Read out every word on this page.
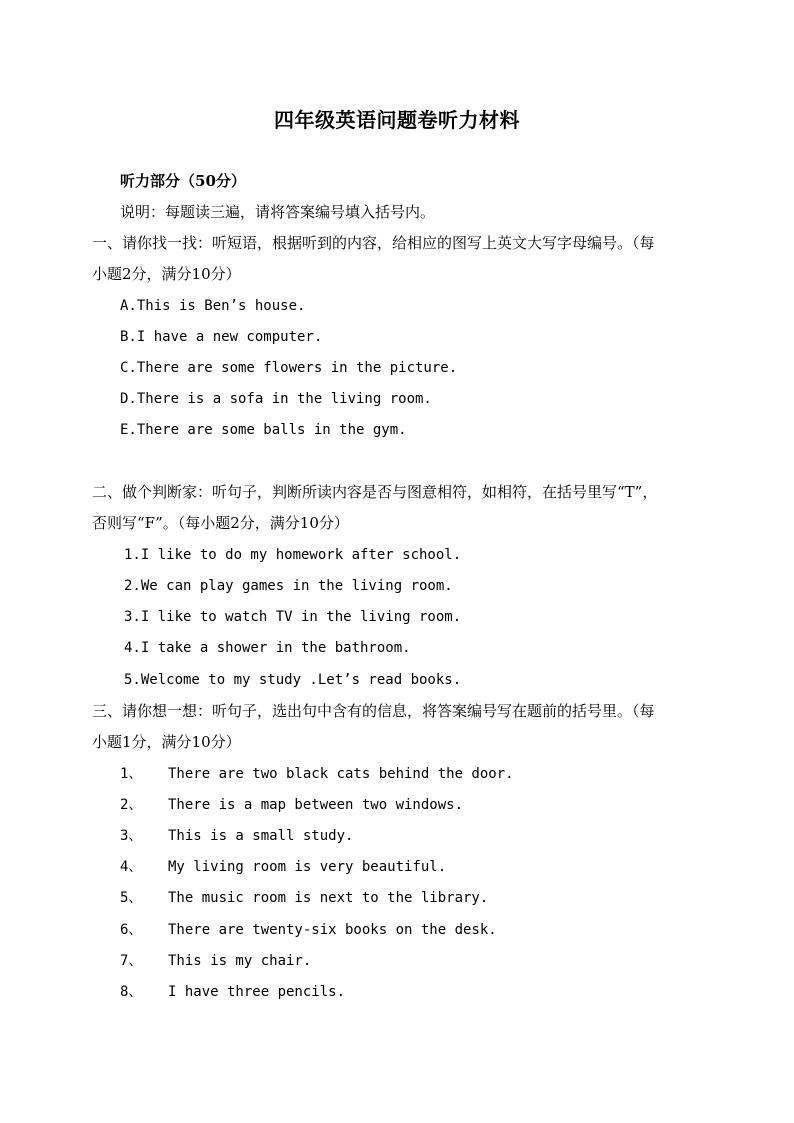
四年级英语问题卷听力材料
听力部分（50分）
说明：每题读三遍，请将答案编号填入括号内。
一、请你找一找：听短语，根据听到的内容，给相应的图写上英文大写字母编号。（每
小题2分，满分10分）
A.This is Ben’s house.
B.I have a new computer.
C.There are some flowers in the picture.
D.There is a sofa in the living room.
E.There are some balls in the gym.
二、做个判断家：听句子，判断所读内容是否与图意相符，如相符，在括号里写“T”，
否则写“F”。（每小题2分，满分10分）
1.I like to do my homework after school.
2.We can play games in the living room.
3.I like to watch TV in the living room.
4.I take a shower in the bathroom.
5.Welcome to my study .Let’s read books.
三、请你想一想：听句子，选出句中含有的信息，将答案编号写在题前的括号里。（每
小题1分，满分10分）
1、 There are two black cats behind the door.
2、 There is a map between two windows.
3、 This is a small study.
4、 My living room is very beautiful.
5、 The music room is next to the library.
6、 There are twenty-six books on the desk.
7、 This is my chair.
8、 I have three pencils.
